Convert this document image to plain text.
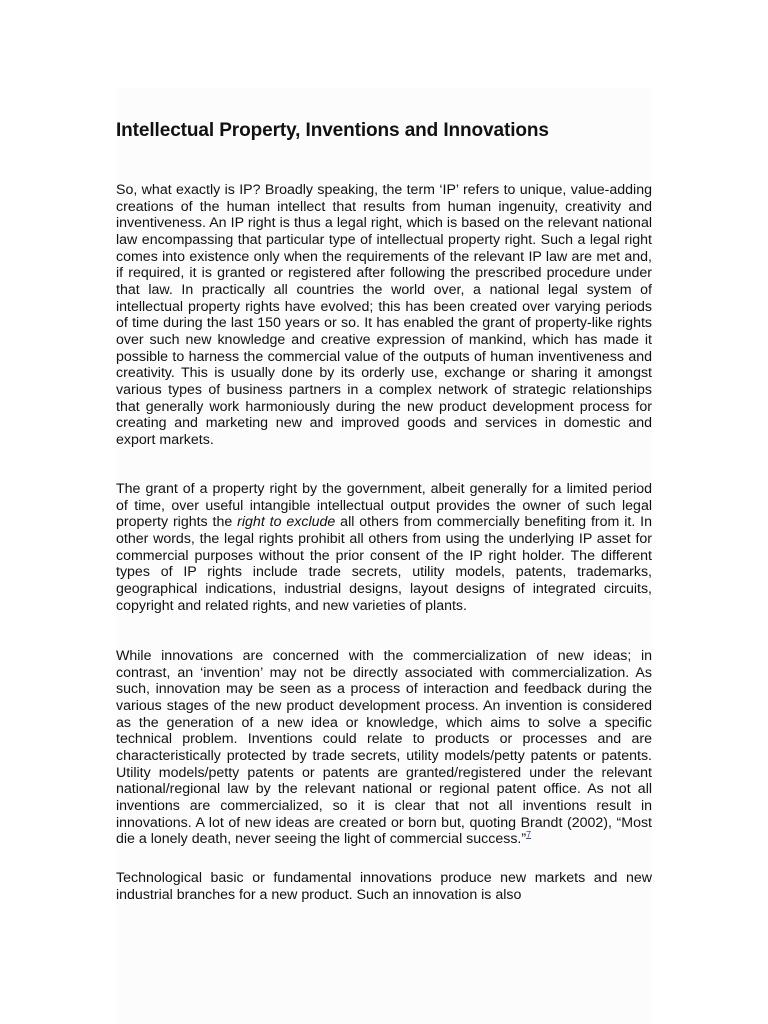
Intellectual Property, Inventions and Innovations

So, what exactly is IP? Broadly speaking, the term ‘IP’ refers to unique, value-adding creations of the human intellect that results from human ingenuity, creativity and inventiveness. An IP right is thus a legal right, which is based on the relevant national law encompassing that particular type of intellectual property right. Such a legal right comes into existence only when the requirements of the relevant IP law are met and, if required, it is granted or registered after following the prescribed procedure under that law. In practically all countries the world over, a national legal system of intellectual property rights have evolved; this has been created over varying periods of time during the last 150 years or so. It has enabled the grant of property-like rights over such new knowledge and creative expression of mankind, which has made it possible to harness the commercial value of the outputs of human inventiveness and creativity. This is usually done by its orderly use, exchange or sharing it amongst various types of business partners in a complex network of strategic relationships that generally work harmoniously during the new product development process for creating and marketing new and improved goods and services in domestic and export markets.

The grant of a property right by the government, albeit generally for a limited period of time, over useful intangible intellectual output provides the owner of such legal property rights the right to exclude all others from commercially benefiting from it. In other words, the legal rights prohibit all others from using the underlying IP asset for commercial purposes without the prior consent of the IP right holder. The different types of IP rights include trade secrets, utility models, patents, trademarks, geographical indications, industrial designs, layout designs of integrated circuits, copyright and related rights, and new varieties of plants.

While innovations are concerned with the commercialization of new ideas; in contrast, an ‘invention’ may not be directly associated with commercialization. As such, innovation may be seen as a process of interaction and feedback during the various stages of the new product development process. An invention is considered as the generation of a new idea or knowledge, which aims to solve a specific technical problem. Inventions could relate to products or processes and are characteristically protected by trade secrets, utility models/petty patents or patents. Utility models/petty patents or patents are granted/registered under the relevant national/regional law by the relevant national or regional patent office. As not all inventions are commercialized, so it is clear that not all inventions result in innovations. A lot of new ideas are created or born but, quoting Brandt (2002), “Most die a lonely death, never seeing the light of commercial success.”$^7$

Technological basic or fundamental innovations produce new markets and new industrial branches for a new product. Such an innovation is also
